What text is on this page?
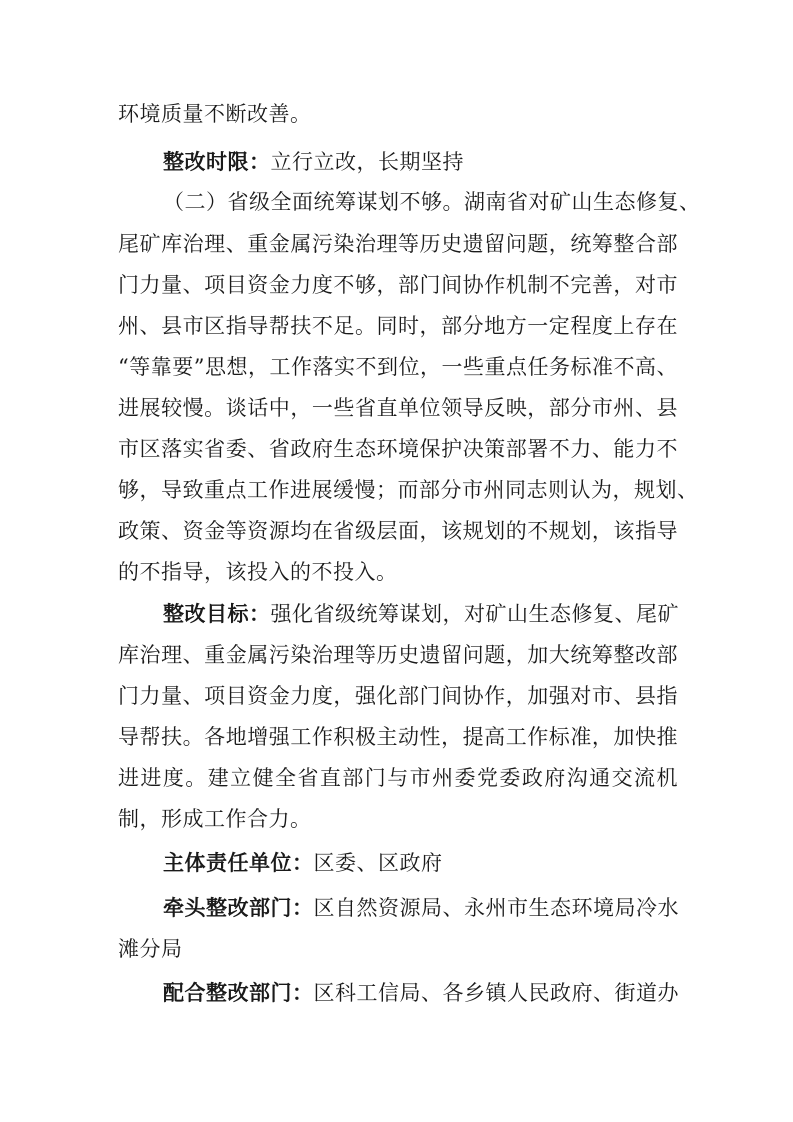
环境质量不断改善。
整改时限：立行立改，长期坚持
（二）省级全面统筹谋划不够。湖南省对矿山生态修复、
尾矿库治理、重金属污染治理等历史遗留问题，统筹整合部
门力量、项目资金力度不够，部门间协作机制不完善，对市
州、县市区指导帮扶不足。同时，部分地方一定程度上存在
“等靠要”思想，工作落实不到位，一些重点任务标准不高、
进展较慢。谈话中，一些省直单位领导反映，部分市州、县
市区落实省委、省政府生态环境保护决策部署不力、能力不
够，导致重点工作进展缓慢；而部分市州同志则认为，规划、
政策、资金等资源均在省级层面，该规划的不规划，该指导
的不指导，该投入的不投入。
整改目标：强化省级统筹谋划，对矿山生态修复、尾矿
库治理、重金属污染治理等历史遗留问题，加大统筹整改部
门力量、项目资金力度，强化部门间协作，加强对市、县指
导帮扶。各地增强工作积极主动性，提高工作标准，加快推
进进度。建立健全省直部门与市州委党委政府沟通交流机
制，形成工作合力。
主体责任单位：区委、区政府
牵头整改部门：区自然资源局、永州市生态环境局冷水
滩分局
配合整改部门：区科工信局、各乡镇人民政府、街道办
